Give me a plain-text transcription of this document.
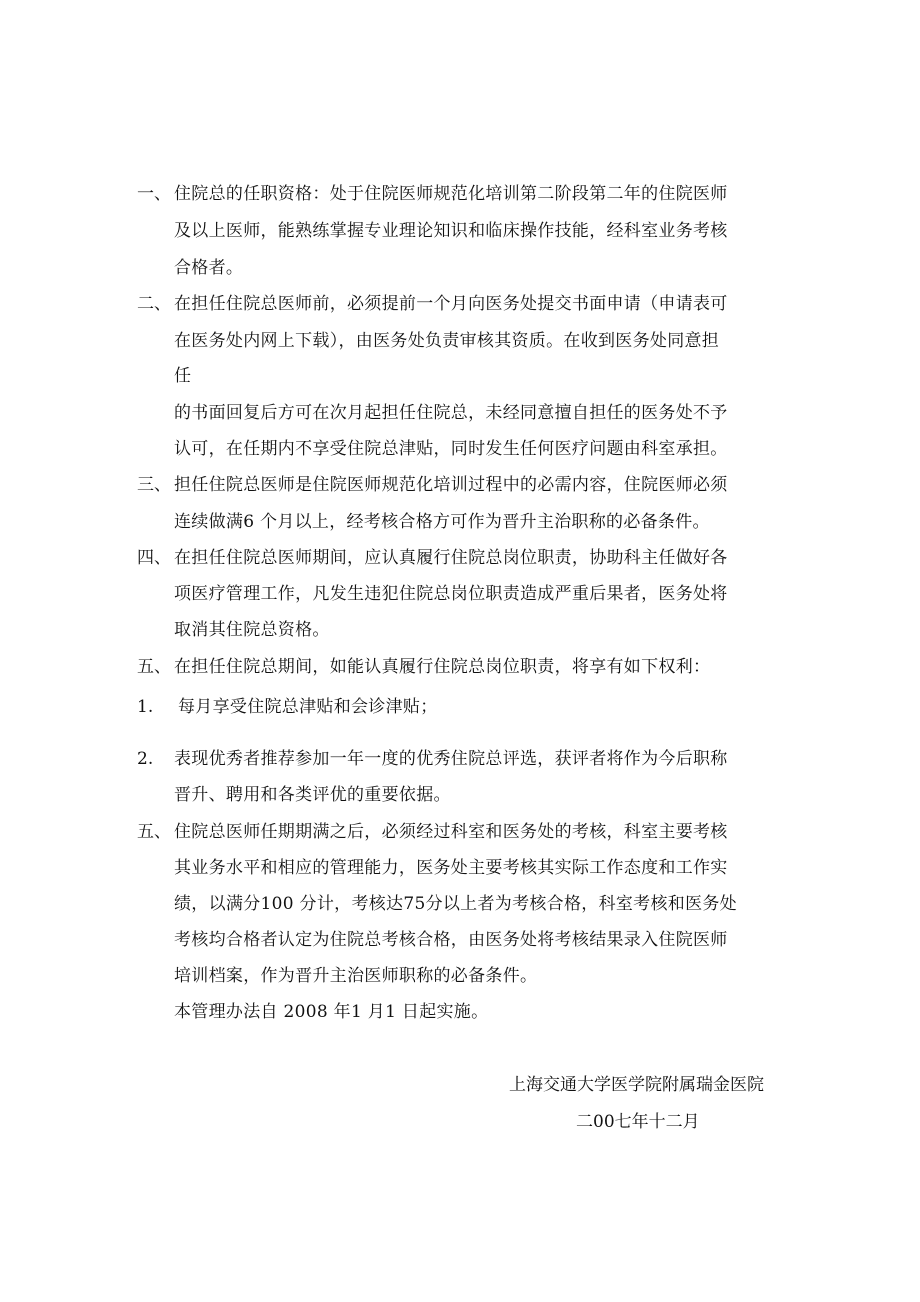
一、 住院总的任职资格：处于住院医师规范化培训第二阶段第二年的住院医师
及以上医师，能熟练掌握专业理论知识和临床操作技能，经科室业务考核
合格者。
二、 在担任住院总医师前，必须提前一个月向医务处提交书面申请（申请表可
在医务处内网上下载），由医务处负责审核其资质。在收到医务处同意担
任
的书面回复后方可在次月起担任住院总，未经同意擅自担任的医务处不予
认可，在任期内不享受住院总津贴，同时发生任何医疗问题由科室承担。
三、 担任住院总医师是住院医师规范化培训过程中的必需内容，住院医师必须
连续做满6 个月以上，经考核合格方可作为晋升主治职称的必备条件。
四、 在担任住院总医师期间，应认真履行住院总岗位职责，协助科主任做好各
项医疗管理工作，凡发生违犯住院总岗位职责造成严重后果者，医务处将
取消其住院总资格。
五、 在担任住院总期间，如能认真履行住院总岗位职责，将享有如下权利：
1. 每月享受住院总津贴和会诊津贴；
2. 表现优秀者推荐参加一年一度的优秀住院总评选，获评者将作为今后职称
晋升、聘用和各类评优的重要依据。
五、 住院总医师任期期满之后，必须经过科室和医务处的考核，科室主要考核
其业务水平和相应的管理能力，医务处主要考核其实际工作态度和工作实
绩，以满分100 分计，考核达75分以上者为考核合格，科室考核和医务处
考核均合格者认定为住院总考核合格，由医务处将考核结果录入住院医师
培训档案，作为晋升主治医师职称的必备条件。
本管理办法自 2008 年1 月1 日起实施。
上海交通大学医学院附属瑞金医院
二00七年十二月
